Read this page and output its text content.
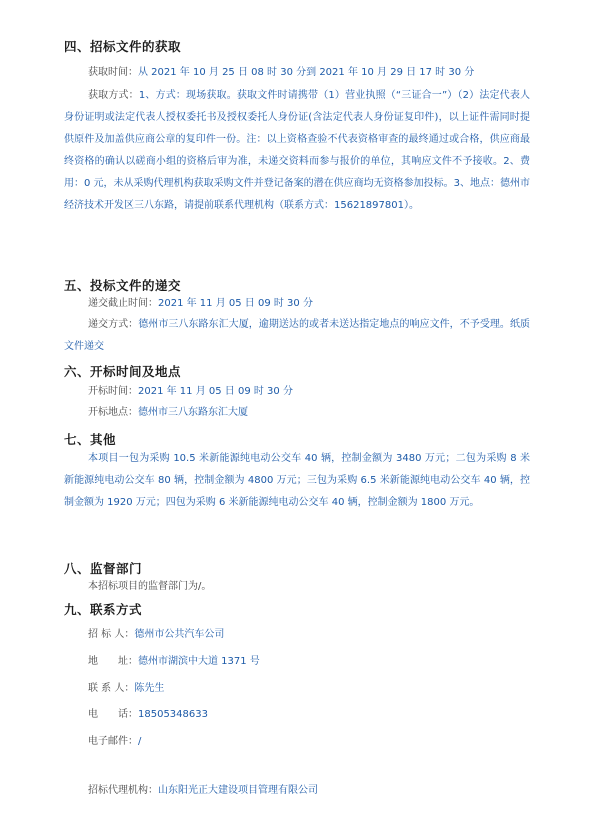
四、招标文件的获取

获取时间：从 2021 年 10 月 25 日 08 时 30 分到 2021 年 10 月 29 日 17 时 30 分

获取方式：1、方式：现场获取。获取文件时请携带（1）营业执照（“三证合一”）（2）法定代表人身份证明或法定代表人授权委托书及授权委托人身份证(含法定代表人身份证复印件)，以上证件需同时提供原件及加盖供应商公章的复印件一份。注：以上资格查验不代表资格审查的最终通过或合格，供应商最终资格的确认以磋商小组的资格后审为准，未递交资料而参与报价的单位，其响应文件不予接收。2、费用：0 元，未从采购代理机构获取采购文件并登记备案的潜在供应商均无资格参加投标。3、地点：德州市经济技术开发区三八东路，请提前联系代理机构（联系方式：15621897801）。

五、投标文件的递交

递交截止时间：2021 年 11 月 05 日 09 时 30 分

递交方式：德州市三八东路东汇大厦，逾期送达的或者未送达指定地点的响应文件，不予受理。纸质文件递交

六、开标时间及地点

开标时间：2021 年 11 月 05 日 09 时 30 分

开标地点：德州市三八东路东汇大厦

七、其他

本项目一包为采购 10.5 米新能源纯电动公交车 40 辆，控制金额为 3480 万元；二包为采购 8 米新能源纯电动公交车 80 辆，控制金额为 4800 万元；三包为采购 6.5 米新能源纯电动公交车 40 辆，控制金额为 1920 万元；四包为采购 6 米新能源纯电动公交车 40 辆，控制金额为 1800 万元。

八、监督部门

本招标项目的监督部门为/。

九、联系方式

招 标 人：德州市公共汽车公司

地　　址：德州市湖滨中大道 1371 号

联 系 人：陈先生

电　　话：18505348633

电子邮件：/

招标代理机构：山东阳光正大建设项目管理有限公司
